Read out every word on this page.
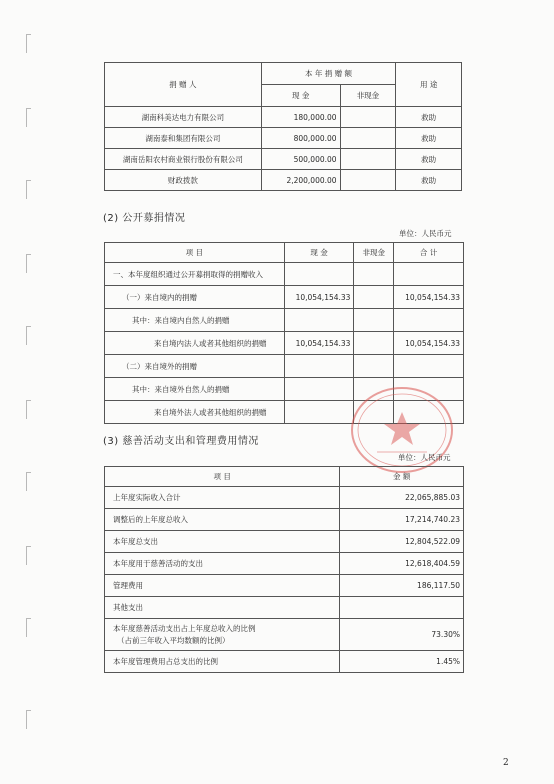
捐 赠 人	本 年 捐 赠 额		用 途
	现 金	非现金	
湖南科美达电力有限公司	180,000.00		救助
湖南泰和集团有限公司	800,000.00		救助
湖南岳阳农村商业银行股份有限公司	500,000.00		救助
财政拨款	2,200,000.00		救助
(2) 公开募捐情况
单位：人民币元
项 目	现 金	非现金	合 计
一、本年度组织通过公开募捐取得的捐赠收入			
（一）来自境内的捐赠	10,054,154.33		10,054,154.33
其中：来自境内自然人的捐赠			
来自境内法人或者其他组织的捐赠	10,054,154.33		10,054,154.33
（二）来自境外的捐赠			
其中：来自境外自然人的捐赠			
来自境外法人或者其他组织的捐赠			
(3) 慈善活动支出和管理费用情况
单位：人民币元
项 目	金 额
上年度实际收入合计	22,065,885.03
调整后的上年度总收入	17,214,740.23
本年度总支出	12,804,522.09
本年度用于慈善活动的支出	12,618,404.59
管理费用	186,117.50
其他支出	

本年度慈善活动支出占上年度总收入的比例
（占前三年收入平均数额的比例）	73.30%
本年度管理费用占总支出的比例	1.45%
2
